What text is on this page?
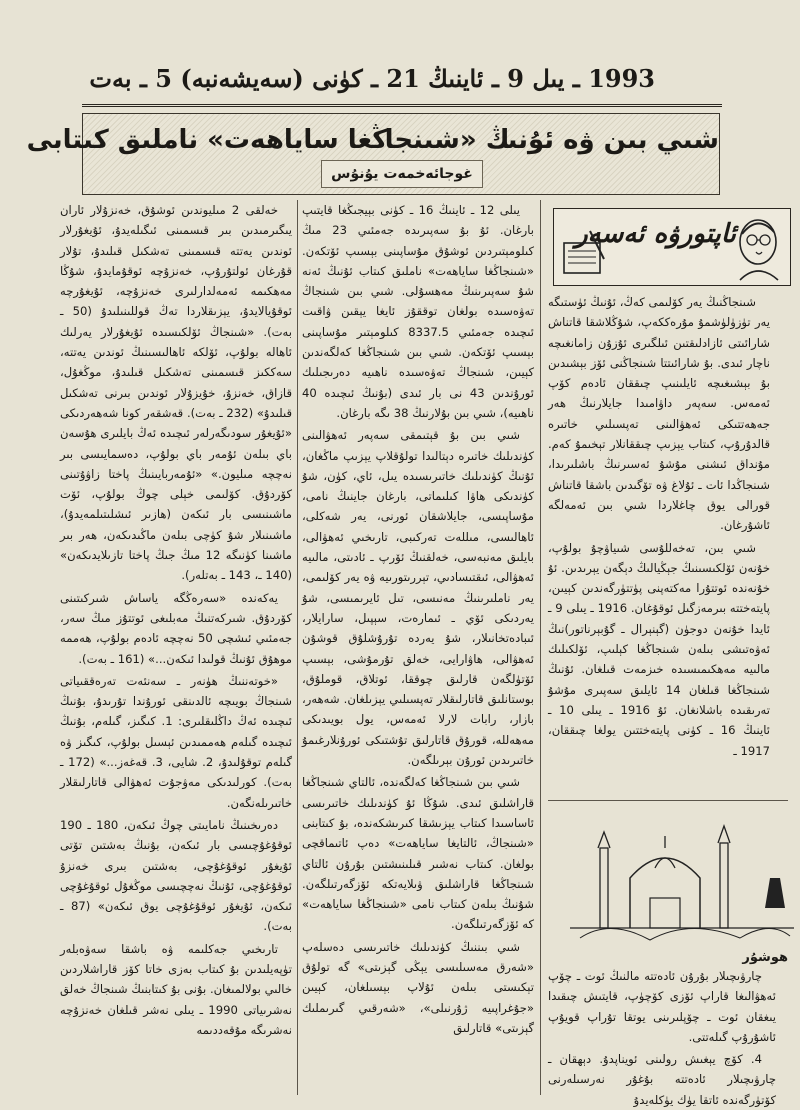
1993 ـ يىل 9 ـ ئاينىڭ 21 ـ كۈنى (سەيشەنبە) 5 ـ بەت
شىي بىن ۋە ئۇنىڭ «شىنجاڭغا ساياھەت» ناملىق كىتابى
غوجائەخمەت يۇنۇس
ئاپتورۋە ئەسەر

شىنجاڭنىڭ يەر كۆلىمى كەڭ، ئۇنىڭ ئۈستىگە يەر تۈزۈلۈشمۇ مۇرەككەپ، شۇڭلاشقا قاتناش شارائىتى ئازادلىقتىن ئىلگىرى ئۇزۇن زامانغىچە ناچار ئىدى. بۇ شارائىتتا شىنجاڭنى ئۆز بېشىدىن بۇ بېشىغىچە ئايلىنىپ چىققان ئادەم كۆپ ئەمەس. سەپەر داۋامىدا جايلارنىڭ ھەر جەھەتتىكى ئەھۋالىنى تەپسىلىي خاتىرە قالدۇرۇپ، كىتاب يېزىپ چىققانلار تېخىمۇ كەم. مۇنداق ئىشنى مۇشۇ ئەسىرنىڭ باشلىرىدا، شىنجاڭدا ئات ـ ئۇلاغ ۋە تۆگىدىن باشقا قاتناش قورالى يوق چاغلاردا شىي بىن ئەمەلگە ئاشۇرغان.

شىي بىن، تەخەللۇسى شىياۋچۇ بولۇپ، خۇنەن ئۆلكىسىنىڭ جېڭيالىڭ دېگەن يېرىدىن. ئۇ خۇنەندە ئوتتۇرا مەكتەپنى پۈتتۈرگەندىن كېيىن، پايتەختتە بىرمەزگىل ئوقۇغان. 1916 ـ يىلى 9 ـ ئايدا خۇنەن دوجۈن (گېنېرال ـ گۇبېرناتور)نىڭ ئەۋەتىشى بىلەن شىنجاڭغا كېلىپ، ئۆلكىلىك مالىيە مەھكىمىسىدە خىزمەت قىلغان. ئۇنىڭ شىنجاڭغا قىلغان 14 ئايلىق سەپىرى مۇشۇ تەرىقىدە باشلانغان. ئۇ 1916 ـ يىلى 10 ـ ئاينىڭ 16 ـ كۈنى پايتەختتىن يولغا چىققان، 1917 ـ

يىلى 12 ـ ئاينىڭ 16 ـ كۈنى بېيجىڭغا قايتىپ بارغان. ئۇ بۇ سەپىرىدە جەمئىي 23 مىڭ كىلومېتىردىن ئوشۇق مۇساپىنى بېسىپ ئۆتكەن. «شىنجاڭغا ساياھەت» ناملىق كىتاب ئۇنىڭ ئەنە شۇ سەپىرىنىڭ مەھسۇلى. شىي بىن شىنجاڭ تەۋەسىدە بولغان توققۇز ئايغا يېقىن ۋاقىت ئىچىدە جەمئىي 8337.5 كىلومېتىر مۇساپىنى بېسىپ ئۆتكەن. شىي بىن شىنجاڭغا كەلگەندىن كېيىن، شىنجاڭ تەۋەسىدە ناھىيە دەرىجىلىك ئورۇندىن 43 نى بار ئىدى (بۇنىڭ ئىچىدە 40 ناھىيە)، شىي بىن بۇلارنىڭ 38 ىگە بارغان.

شىي بىن بۇ قېتىمقى سەپەر ئەھۋالىنى كۈندىلىك خاتىرە دېتالىدا تولۇقلاپ يېزىپ ماڭغان، ئۇنىڭ كۈندىلىك خاتىرىسىدە يىل، ئاي، كۈن، شۇ كۈندىكى ھاۋا كىلىماتى، بارغان جاينىڭ نامى، مۇساپىسى، جايلاشقان ئورنى، يەر شەكلى، ئاھالىسى، مىللەت تەركىبى، تارىخىي ئەھۋالى، بايلىق مەنبەسى، خەلقنىڭ ئۆرپ ـ ئادىتى، مالىيە ئەھۋالى، ئىقتىسادىي، تېررىتورىيە ۋە يەر كۆلىمى، يەر ناملىرىنىڭ مەنىسى، تىل ئايرىمىسى، شۇ يەردىكى ئۆي ـ ئىمارەت، سېپىل، سارايلار، ئىبادەتخانىلار، شۇ يەردە تۇرۇشلۇق قوشۇن ئەھۋالى، ھاۋارايى، خەلق تۇرمۇشى، بېسىپ ئۆتۈلگەن قارلىق چوققا، ئوتلاق، قوملۇق، بوستانلىق قاتارلىقلار تەپسىلىي يېزىلغان. شەھەر، بازار، رابات لارلا ئەمەس، يول بويىدىكى مەھەللە، قورۇق قاتارلىق تۇشتىكى ئورۇنلارغىمۇ خاتىرىدىن ئورۇن بېرىلگەن.

شىي بىن شىنجاڭغا كەلگەندە، ئالتاي شىنجاڭغا قاراشلىق ئىدى. شۇڭا ئۇ كۈندىلىك خاتىرىسى ئاساسىدا كىتاب يېزىشقا كىرىشكەندە، بۇ كىتابنى «شىنجاڭ، ئالتايغا ساياھەت» دەپ ئاتىماقچى بولغان. كىتاب نەشىر قىلىنىشتىن بۇرۇن ئالتاي شىنجاڭغا قاراشلىق ۋىلايەتكە ئۆزگەرتىلگەن. شۇنىڭ بىلەن كىتاب نامى «شىنجاڭغا ساياھەت» كە ئۆزگەرتىلگەن.

شىي بىننىڭ كۈندىلىك خاتىرىسى دەسلەپ «شەرق مەسىلىسى يېڭى گېزىتى» گە تولۇق تېكىستى بىلەن ئۇلاپ بېسىلغان، كېيىن «جۇغراپىيە ژۇرنىلى»، «شەرقىي گىرىملىك گېزىتى» قاتارلىق

خەلقى 2 مىليوندىن ئوشۇق، خەنزۇلار ئاران يىگىرمىدىن بىر قىسمىنى ئىگىلەيدۇ، ئۇيغۇرلار ئوندىن يەتتە قىسمىنى تەشكىل قىلىدۇ، تۇلار قۇرغان ئولتۇرۇپ، خەنزۇچە ئوقۇمايدۇ، شۇڭا مەھكىمە ئەمەلدارلىرى خەنزۇچە، ئۇيغۇرچە ئوقۇيالايدۇ، يېزىقلاردا تەڭ قوللىنىلىدۇ (50 ـ بەت). «شىنجاڭ ئۆلكىسىدە ئۇيغۇرلار يەرلىك ئاھالە بولۇپ، ئۆلكە ئاھالىسىنىڭ ئوندىن يەتتە، سەككىز قىسمىنى تەشكىل قىلىدۇ، موڭغۇل، قازاق، خەنزۇ، خۇيزۇلار ئوندىن بىرنى تەشكىل قىلىدۇ» (232 ـ بەت). قەشقەر كونا شەھەردىكى «ئۇيغۇر سودىگەرلەر ئىچىدە ئەڭ بايلىرى ھۇسەن باي بىلەن ئۇمەر باي بولۇپ، دەسمايىسى بىر نەچچە مىليون.» «ئۇمەربايىنىڭ پاختا زاۋۇتىنى كۆردۇق. كۆلىمى خېلى چوڭ بولۇپ، ئۆت ماشىنىسى بار ئىكەن (ھازىر ئىشلىتىلمەيدۇ)، ماشىنىلار شۇ كۈچى بىلەن ماڭىدىكەن، ھەر بىر ماشىنا كۈنىگە 12 مىڭ جىڭ پاختا تازىلايدىكەن» (140 ـ، 143 ـ بەتلەر).

يەكەندە «سەرەڭگە ياساش شىركىتىنى كۆردۇق. شىركەتنىڭ مەبلىغى ئوتتۇز مىڭ سەر، جەمئىي ئىشچى 50 نەچچە ئادەم بولۇپ، ھەممە موھۇق ئۇنىڭ قولىدا ئىكەن...» (161 ـ بەت).

«خوتەننىڭ ھۈنەر ـ سەنئەت تەرەققىياتى شىنجاڭ بويىچە ئالدىنقى ئورۇندا تۇرىدۇ، بۇنىڭ ئىچىدە ئەڭ داڭلىقلىرى: 1. كىگىز، گىلەم، بۇنىڭ ئىچىدە گىلەم ھەممىدىن ئېسىل بولۇپ، كىگىز ۋە گىلەم توقۇلىدۇ، 2. شايى، 3. قەغەز...» (172 ـ بەت). كورلىدىكى مەۋجۇت ئەھۋالى قاتارلىقلار خاتىرىلەنگەن.

دەرىخىنىڭ نامايىتى چوڭ ئىكەن، 180 ـ 190 ئوقۇغۇچىسى بار ئىكەن، بۇنىڭ بەشتىن تۆتى ئۇيغۇر ئوقۇغۇچى، بەشتىن بىرى خەنزۇ ئوقۇغۇچى، ئۇنىڭ نەچچىسى موڭغۇل ئوقۇغۇچى ئىكەن، ئۇيغۇر ئوقۇغۇچى يوق ئىكەن» (87 ـ بەت).

تارىخىي جەكلىمە ۋە باشقا سەۋەبلەر تۈپەيلىدىن بۇ كىتاب بەزى خاتا كۆز قاراشلاردىن خالىي بولالمىغان. بۇنى بۇ كىتابنىڭ شىنجاڭ خەلق نەشرىياتى 1990 ـ يىلى نەشر قىلغان خەنزۇچە نەشرىگە مۇقەددىمە

ھوشۇر

چارۋىچىلار بۇرۇن ئادەتتە مالنىڭ ئوت ـ چۆپ ئەھۋالىغا قاراپ ئۆزى كۆچۈپ، قايتىش چىقىدا يىغقان ئوت ـ چۆپلىرىنى يوتقا تۇراپ قويۇپ ئاشۇرۇپ گىلەتتى.

4. كۆچ يېغىش رولىنى ئويناپدۇ. دېھقان ـ چارۋىچىلار ئادەتتە بۇغۇر نەرسىلەرنى كۆتۈرگەندە ئاتقا يۈك يۈكلەيدۇ
